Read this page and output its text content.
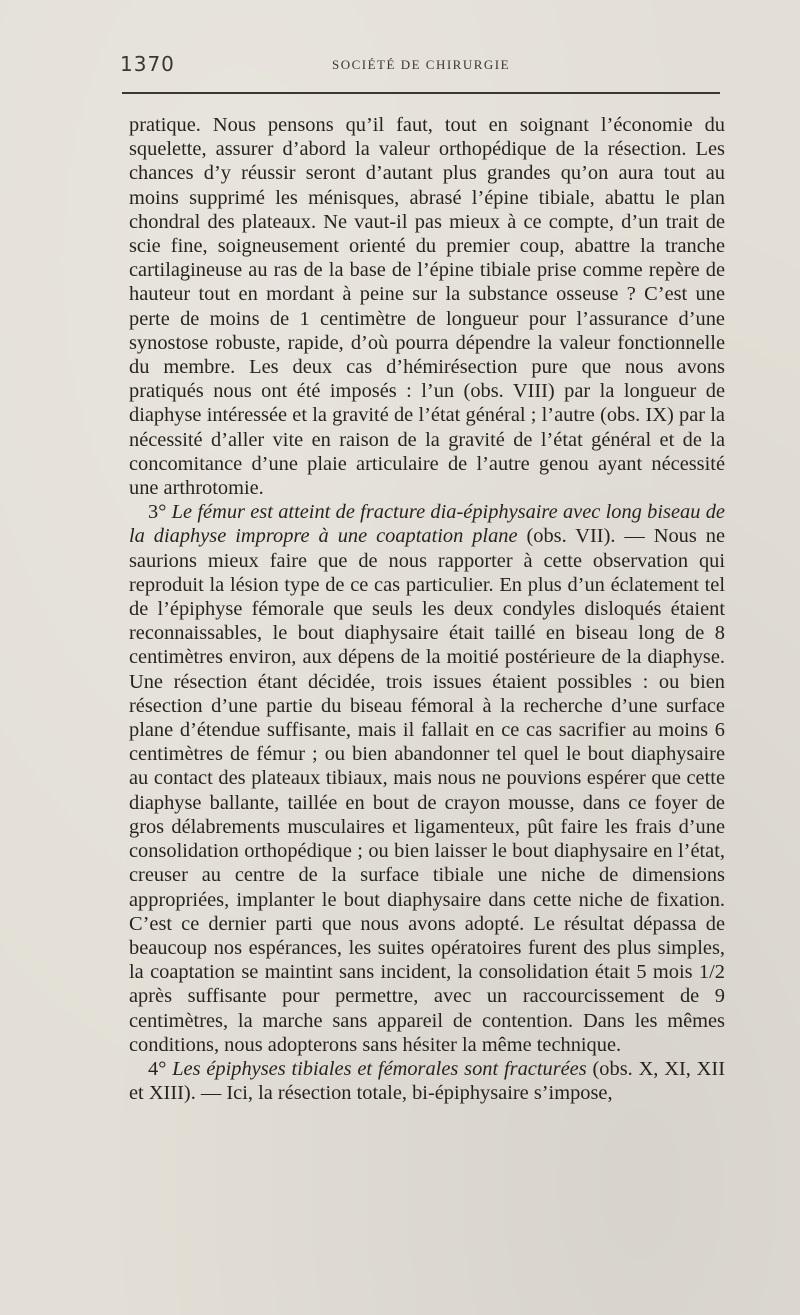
1370	SOCIÉTÉ DE CHIRURGIE

pratique. Nous pensons qu’il faut, tout en soignant l’économie du squelette, assurer d’abord la valeur orthopédique de la résection. Les chances d’y réussir seront d’autant plus grandes qu’on aura tout au moins supprimé les ménisques, abrasé l’épine tibiale, abattu le plan chondral des plateaux. Ne vaut-il pas mieux à ce compte, d’un trait de scie fine, soigneusement orienté du premier coup, abattre la tranche cartilagineuse au ras de la base de l’épine tibiale prise comme repère de hauteur tout en mordant à peine sur la substance osseuse ? C’est une perte de moins de 1 centimètre de longueur pour l’assurance d’une synostose robuste, rapide, d’où pourra dépendre la valeur fonctionnelle du membre. Les deux cas d’hémirésection pure que nous avons pratiqués nous ont été imposés : l’un (obs. VIII) par la longueur de diaphyse intéressée et la gravité de l’état général ; l’autre (obs. IX) par la nécessité d’aller vite en raison de la gravité de l’état général et de la concomitance d’une plaie articulaire de l’autre genou ayant nécessité une arthrotomie.

3° Le fémur est atteint de fracture dia-épiphysaire avec long biseau de la diaphyse impropre à une coaptation plane (obs. VII). — Nous ne saurions mieux faire que de nous rapporter à cette observation qui reproduit la lésion type de ce cas particulier. En plus d’un éclatement tel de l’épiphyse fémorale que seuls les deux condyles disloqués étaient reconnaissables, le bout diaphysaire était taillé en biseau long de 8 centimètres environ, aux dépens de la moitié postérieure de la diaphyse. Une résection étant décidée, trois issues étaient possibles : ou bien résection d’une partie du biseau fémoral à la recherche d’une surface plane d’étendue suffisante, mais il fallait en ce cas sacrifier au moins 6 centimètres de fémur ; ou bien abandonner tel quel le bout diaphysaire au contact des plateaux tibiaux, mais nous ne pouvions espérer que cette diaphyse ballante, taillée en bout de crayon mousse, dans ce foyer de gros délabrements musculaires et ligamenteux, pût faire les frais d’une consolidation orthopédique ; ou bien laisser le bout diaphysaire en l’état, creuser au centre de la surface tibiale une niche de dimensions appropriées, implanter le bout diaphysaire dans cette niche de fixation. C’est ce dernier parti que nous avons adopté. Le résultat dépassa de beaucoup nos espérances, les suites opératoires furent des plus simples, la coaptation se maintint sans incident, la consolidation était 5 mois 1/2 après suffisante pour permettre, avec un raccourcissement de 9 centimètres, la marche sans appareil de contention. Dans les mêmes conditions, nous adopterons sans hésiter la même technique.

4° Les épiphyses tibiales et fémorales sont fracturées (obs. X, XI, XII et XIII). — Ici, la résection totale, bi-épiphysaire s’impose,
